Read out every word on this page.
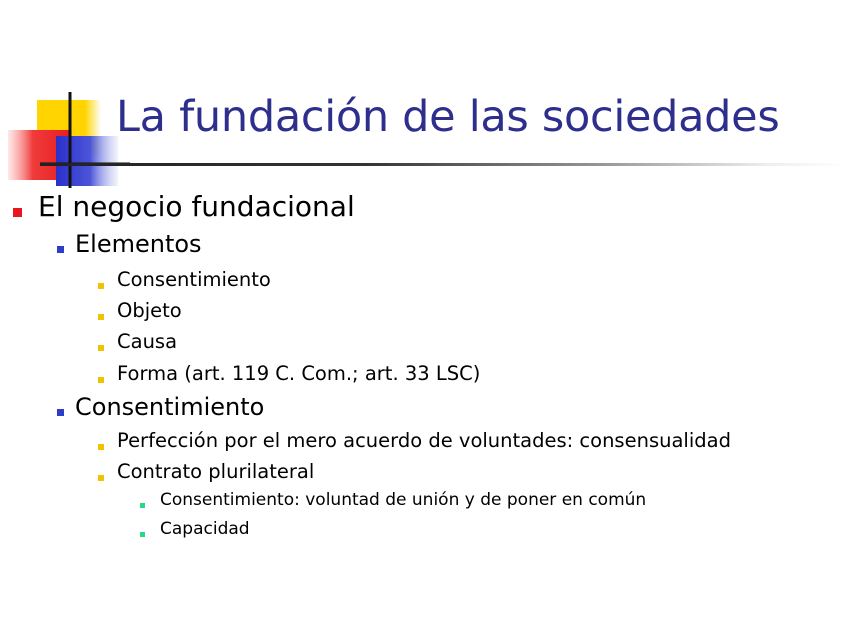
La fundación de las sociedades
El negocio fundacional
Elementos
Consentimiento
Objeto
Causa
Forma (art. 119 C. Com.; art. 33 LSC)
Consentimiento
Perfección por el mero acuerdo de voluntades: consensualidad
Contrato plurilateral
Consentimiento: voluntad de unión y de poner en común
Capacidad
